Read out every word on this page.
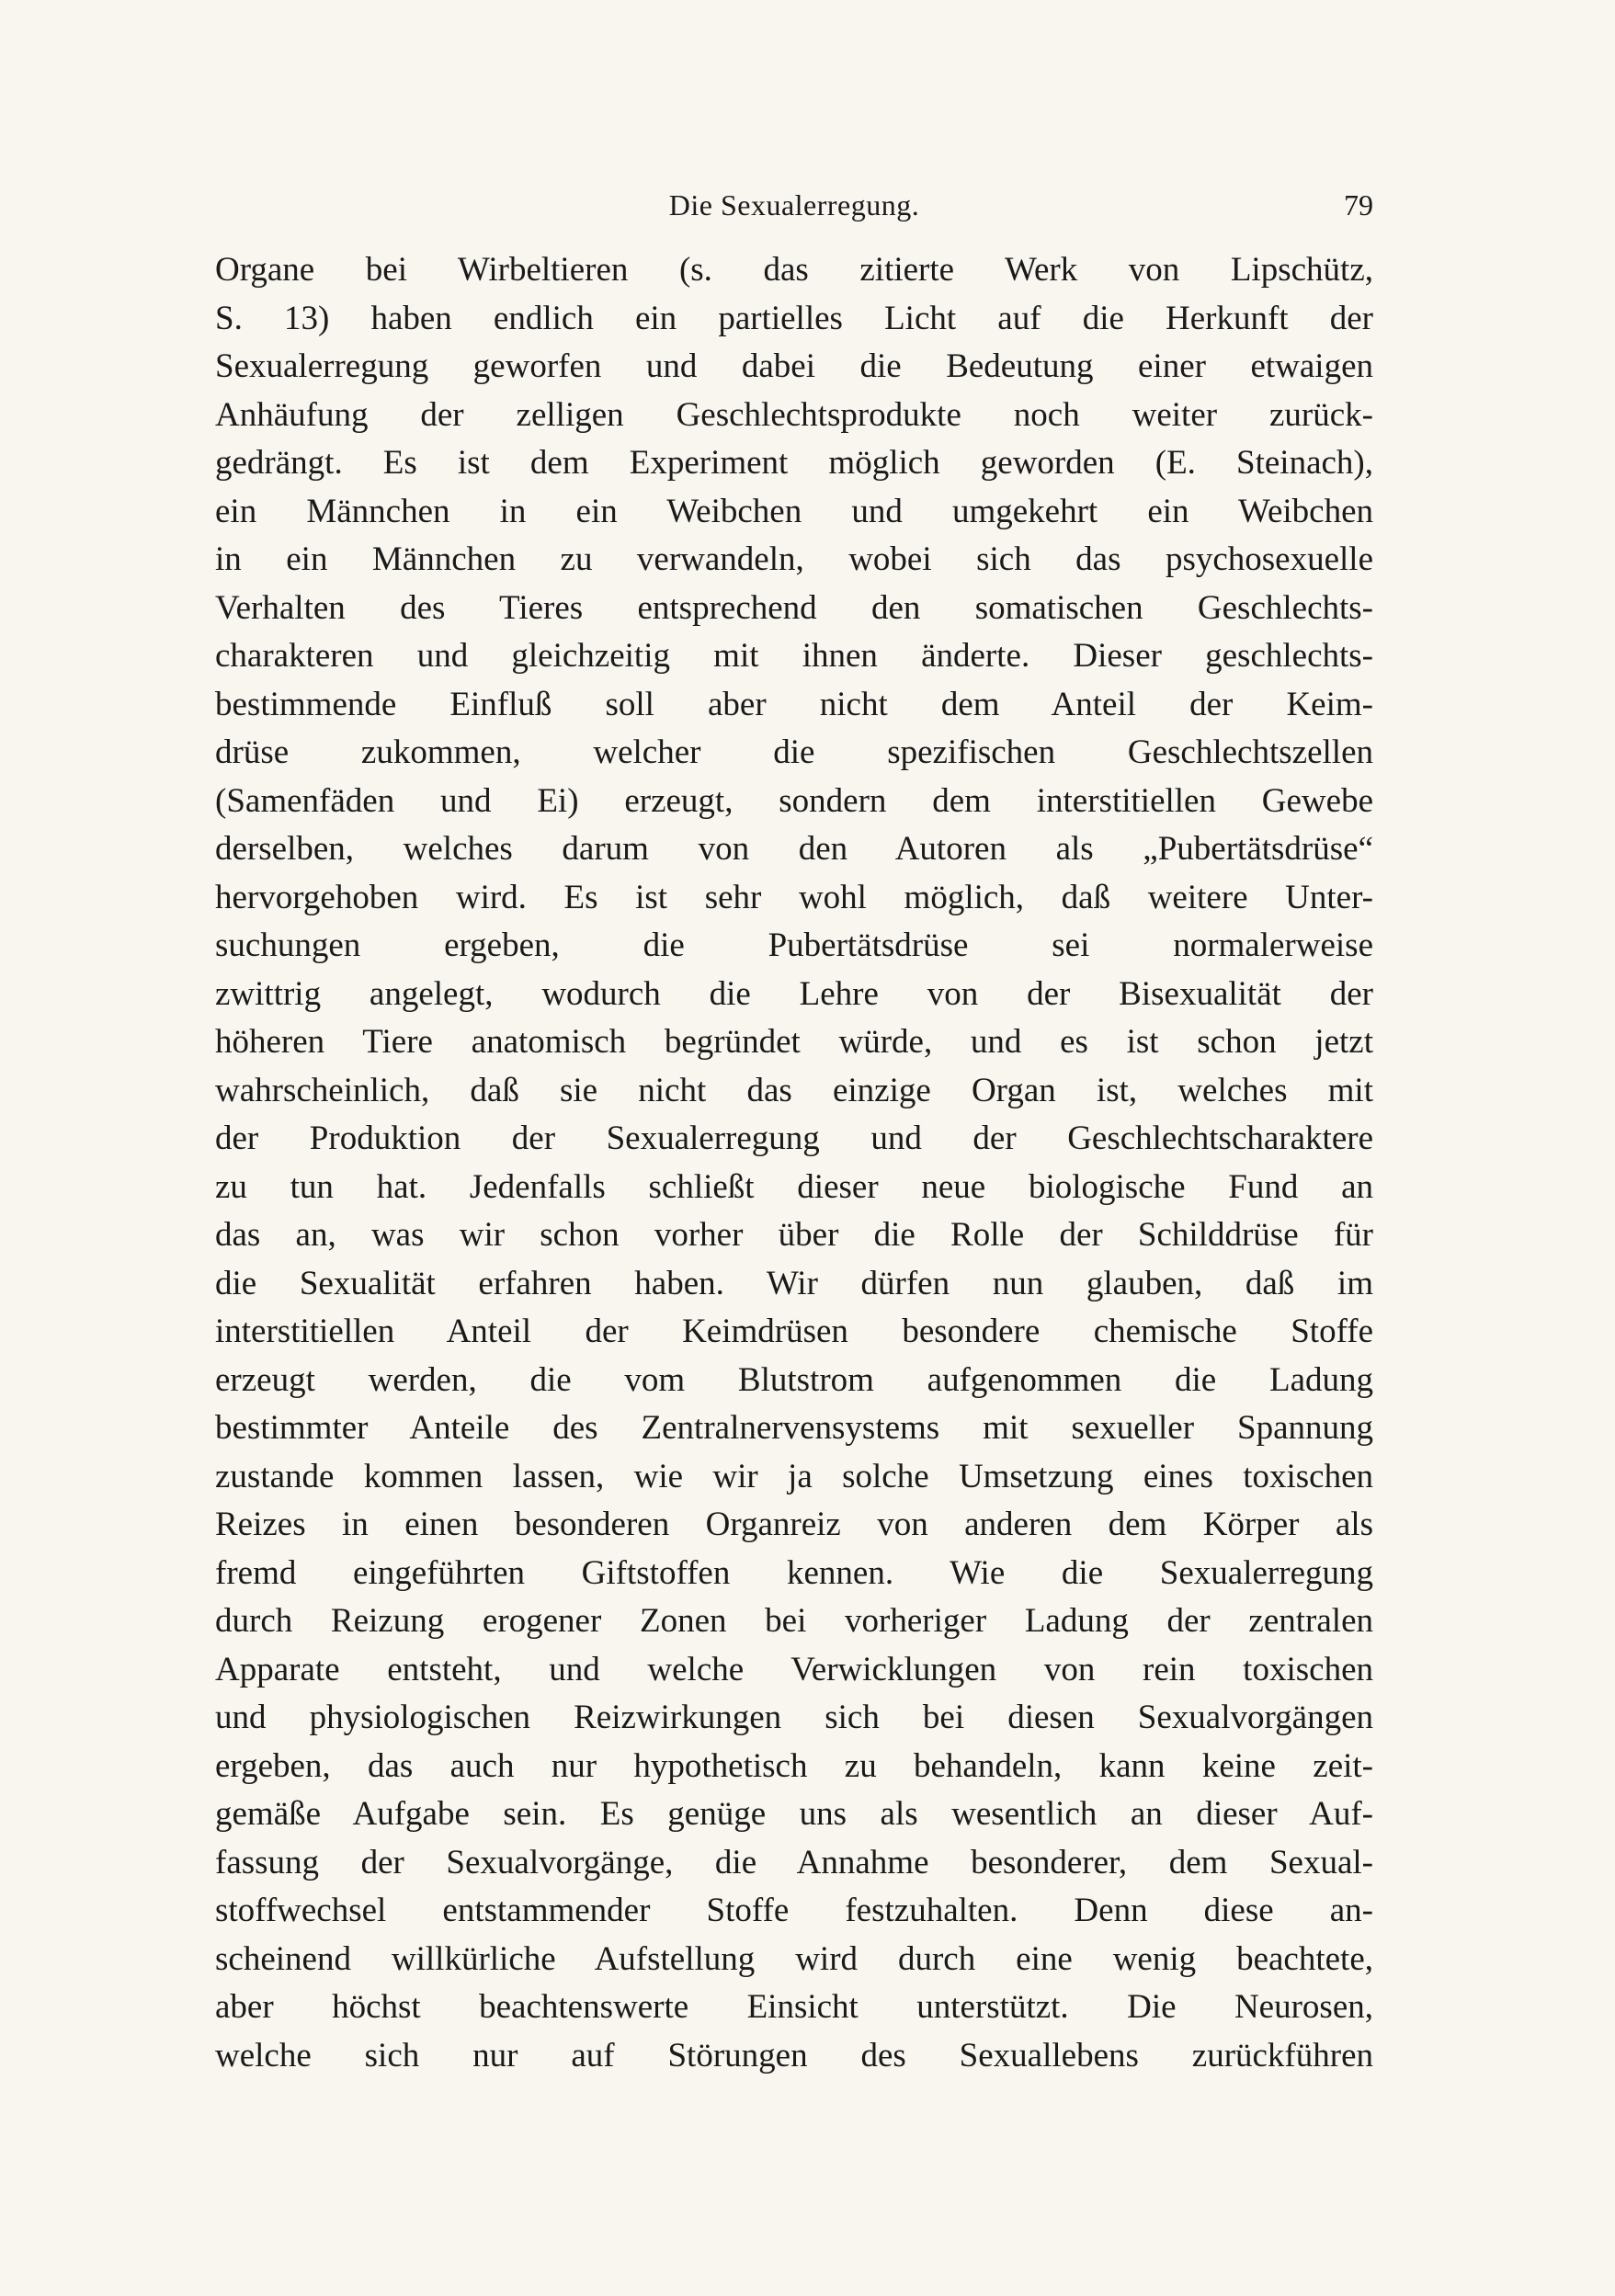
Die Sexualerregung.	79
Organe bei Wirbeltieren (s. das zitierte Werk von Lipschütz,
S. 13) haben endlich ein partielles Licht auf die Herkunft der
Sexualerregung geworfen und dabei die Bedeutung einer etwaigen
Anhäufung der zelligen Geschlechtsprodukte noch weiter zurück-
gedrängt. Es ist dem Experiment möglich geworden (E. Steinach),
ein Männchen in ein Weibchen und umgekehrt ein Weibchen
in ein Männchen zu verwandeln, wobei sich das psychosexuelle
Verhalten des Tieres entsprechend den somatischen Geschlechts-
charakteren und gleichzeitig mit ihnen änderte. Dieser geschlechts-
bestimmende Einfluß soll aber nicht dem Anteil der Keim-
drüse zukommen, welcher die spezifischen Geschlechtszellen
(Samenfäden und Ei) erzeugt, sondern dem interstitiellen Gewebe
derselben, welches darum von den Autoren als „Pubertätsdrüse“
hervorgehoben wird. Es ist sehr wohl möglich, daß weitere Unter-
suchungen ergeben, die Pubertätsdrüse sei normalerweise
zwittrig angelegt, wodurch die Lehre von der Bisexualität der
höheren Tiere anatomisch begründet würde, und es ist schon jetzt
wahrscheinlich, daß sie nicht das einzige Organ ist, welches mit
der Produktion der Sexualerregung und der Geschlechtscharaktere
zu tun hat. Jedenfalls schließt dieser neue biologische Fund an
das an, was wir schon vorher über die Rolle der Schilddrüse für
die Sexualität erfahren haben. Wir dürfen nun glauben, daß im
interstitiellen Anteil der Keimdrüsen besondere chemische Stoffe
erzeugt werden, die vom Blutstrom aufgenommen die Ladung
bestimmter Anteile des Zentralnervensystems mit sexueller Spannung
zustande kommen lassen, wie wir ja solche Umsetzung eines toxischen
Reizes in einen besonderen Organreiz von anderen dem Körper als
fremd eingeführten Giftstoffen kennen. Wie die Sexualerregung
durch Reizung erogener Zonen bei vorheriger Ladung der zentralen
Apparate entsteht, und welche Verwicklungen von rein toxischen
und physiologischen Reizwirkungen sich bei diesen Sexualvorgängen
ergeben, das auch nur hypothetisch zu behandeln, kann keine zeit-
gemäße Aufgabe sein. Es genüge uns als wesentlich an dieser Auf-
fassung der Sexualvorgänge, die Annahme besonderer, dem Sexual-
stoffwechsel entstammender Stoffe festzuhalten. Denn diese an-
scheinend willkürliche Aufstellung wird durch eine wenig beachtete,
aber höchst beachtenswerte Einsicht unterstützt. Die Neurosen,
welche sich nur auf Störungen des Sexuallebens zurückführen
